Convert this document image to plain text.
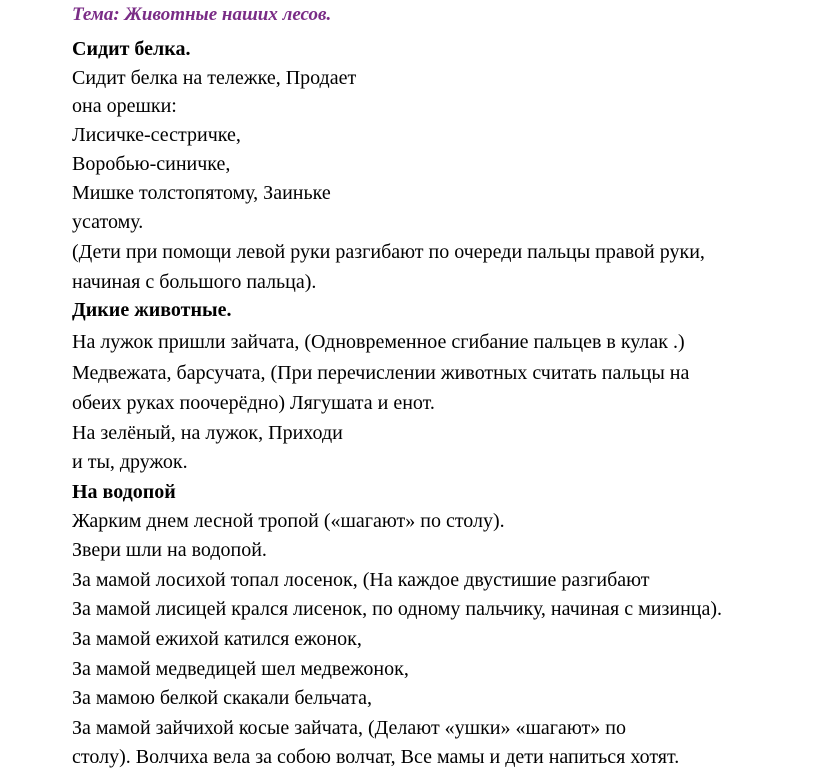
Тема: Животные наших лесов.
Сидит белка.
Сидит белка на тележке, Продает
она орешки:
Лисичке-сестричке,
Воробью-синичке,
Мишке толстопятому, Заиньке
усатому.
(Дети при помощи левой руки разгибают по очереди пальцы правой руки,
начиная с большого пальца).
Дикие животные.
На лужок пришли зайчата, (Одновременное сгибание пальцев в кулак .)
Медвежата, барсучата, (При перечислении животных считать пальцы на
обеих руках поочерёдно) Лягушата и енот.
На зелёный, на лужок, Приходи
и ты, дружок.
На водопой
Жарким днем лесной тропой («шагают» по столу).
Звери шли на водопой.
За мамой лосихой топал лосенок, (На каждое двустишие разгибают
За мамой лисицей крался лисенок, по одному пальчику, начиная с мизинца).
За мамой ежихой катился ежонок,
За мамой медведицей шел медвежонок,
За мамою белкой скакали бельчата,
За мамой зайчихой косые зайчата, (Делают «ушки» «шагают» по
столу). Волчиха вела за собою волчат, Все мамы и дети напиться хотят.
